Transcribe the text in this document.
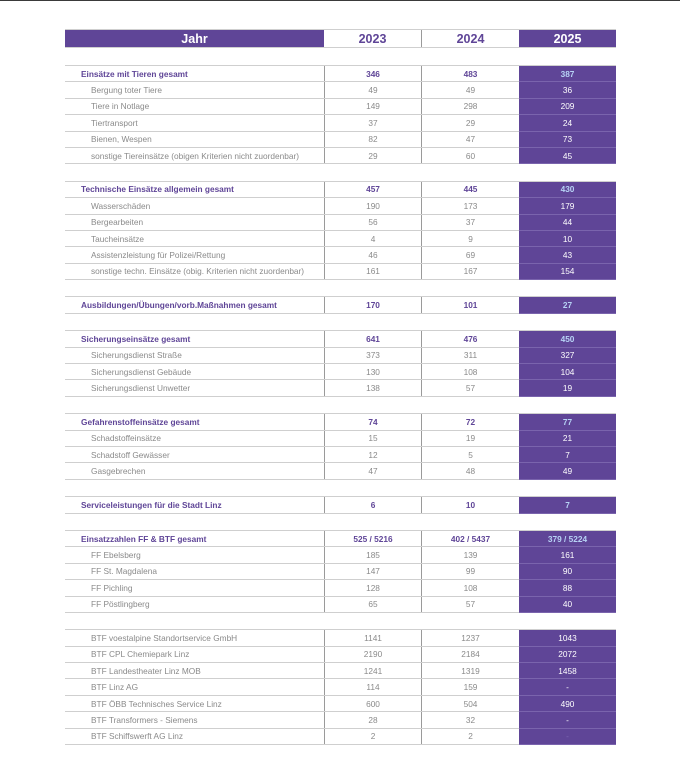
Jahr	2023	2024	2025
Einsätze mit Tieren gesamt	346	483	387
Bergung toter Tiere	49	49	36
Tiere in Notlage	149	298	209
Tiertransport	37	29	24
Bienen, Wespen	82	47	73
sonstige Tiereinsätze (obigen Kriterien nicht zuordenbar)	29	60	45
Technische Einsätze allgemein gesamt	457	445	430
Wasserschäden	190	173	179
Bergearbeiten	56	37	44
Taucheinsätze	4	9	10
Assistenzleistung für Polizei/Rettung	46	69	43
sonstige techn. Einsätze (obig. Kriterien nicht zuordenbar)	161	167	154
Ausbildungen/Übungen/vorb.Maßnahmen gesamt	170	101	27
Sicherungseinsätze gesamt	641	476	450
Sicherungsdienst Straße	373	311	327
Sicherungsdienst Gebäude	130	108	104
Sicherungsdienst Unwetter	138	57	19
Gefahrenstoffeinsätze gesamt	74	72	77
Schadstoffeinsätze	15	19	21
Schadstoff Gewässer	12	5	7
Gasgebrechen	47	48	49
Serviceleistungen für die Stadt Linz	6	10	7
Einsatzzahlen FF & BTF gesamt	525 / 5216	402 / 5437	379 / 5224
FF Ebelsberg	185	139	161
FF St. Magdalena	147	99	90
FF Pichling	128	108	88
FF Pöstlingberg	65	57	40
BTF voestalpine Standortservice GmbH	1141	1237	1043
BTF CPL Chemiepark Linz	2190	2184	2072
BTF Landestheater Linz MOB	1241	1319	1458
BTF Linz AG	114	159	-
BTF ÖBB Technisches Service Linz	600	504	490
BTF Transformers - Siemens	28	32	-
BTF Schiffswerft AG Linz	2	2	-
